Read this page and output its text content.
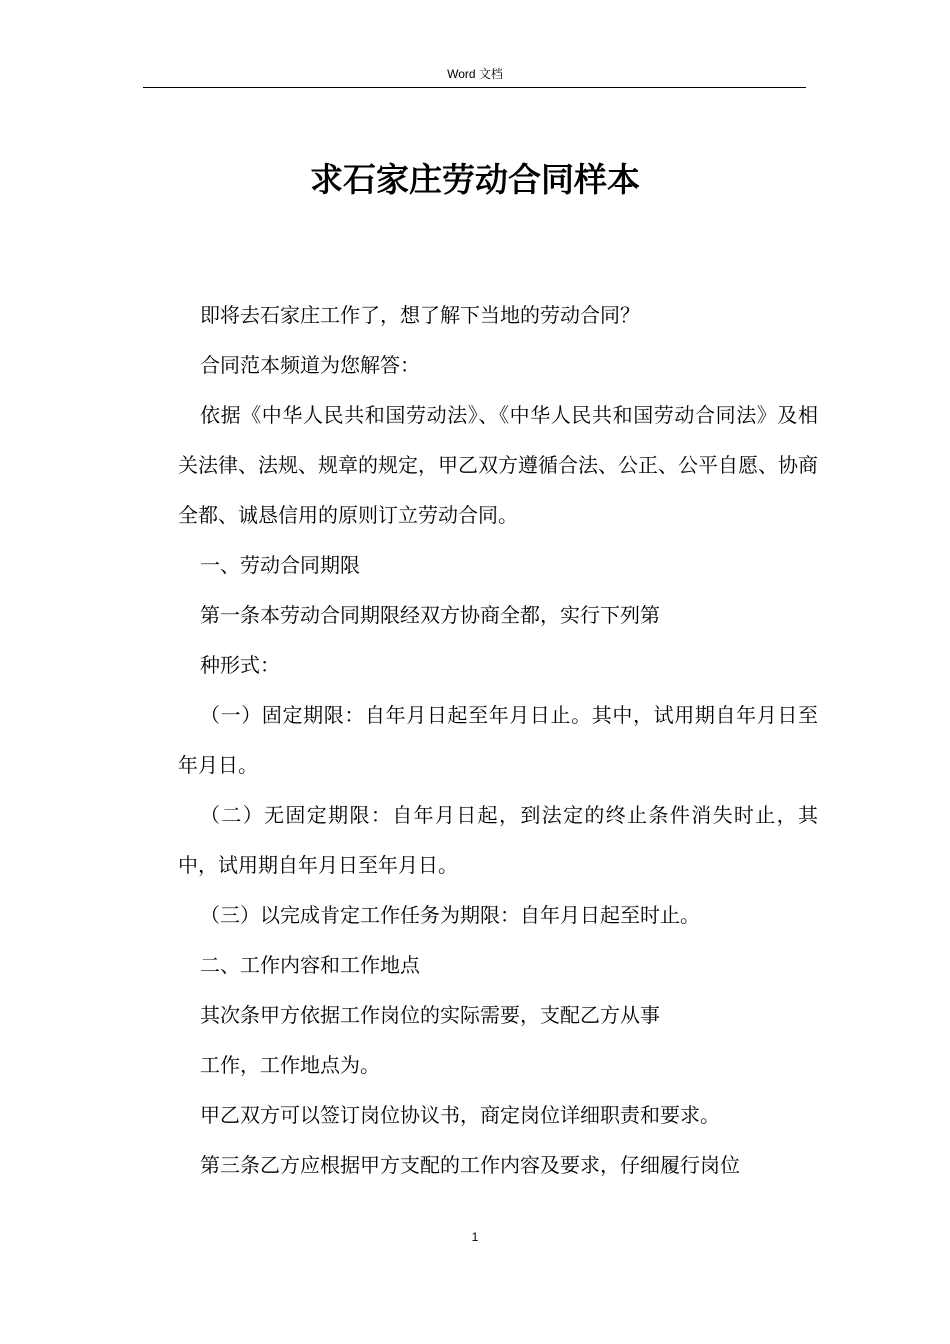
Word 文档
求石家庄劳动合同样本

即将去石家庄工作了，想了解下当地的劳动合同？

合同范本频道为您解答：

依据《中华人民共和国劳动法》、《中华人民共和国劳动合同法》及相关法律、法规、规章的规定，甲乙双方遵循合法、公正、公平自愿、协商全都、诚恳信用的原则订立劳动合同。

一、劳动合同期限

第一条本劳动合同期限经双方协商全都，实行下列第

种形式：

（一）固定期限：自年月日起至年月日止。其中，试用期自年月日至年月日。

（二）无固定期限：自年月日起，到法定的终止条件消失时止，其中，试用期自年月日至年月日。

（三）以完成肯定工作任务为期限：自年月日起至时止。

二、工作内容和工作地点

其次条甲方依据工作岗位的实际需要，支配乙方从事

工作，工作地点为。

甲乙双方可以签订岗位协议书，商定岗位详细职责和要求。

第三条乙方应根据甲方支配的工作内容及要求，仔细履行岗位

1
